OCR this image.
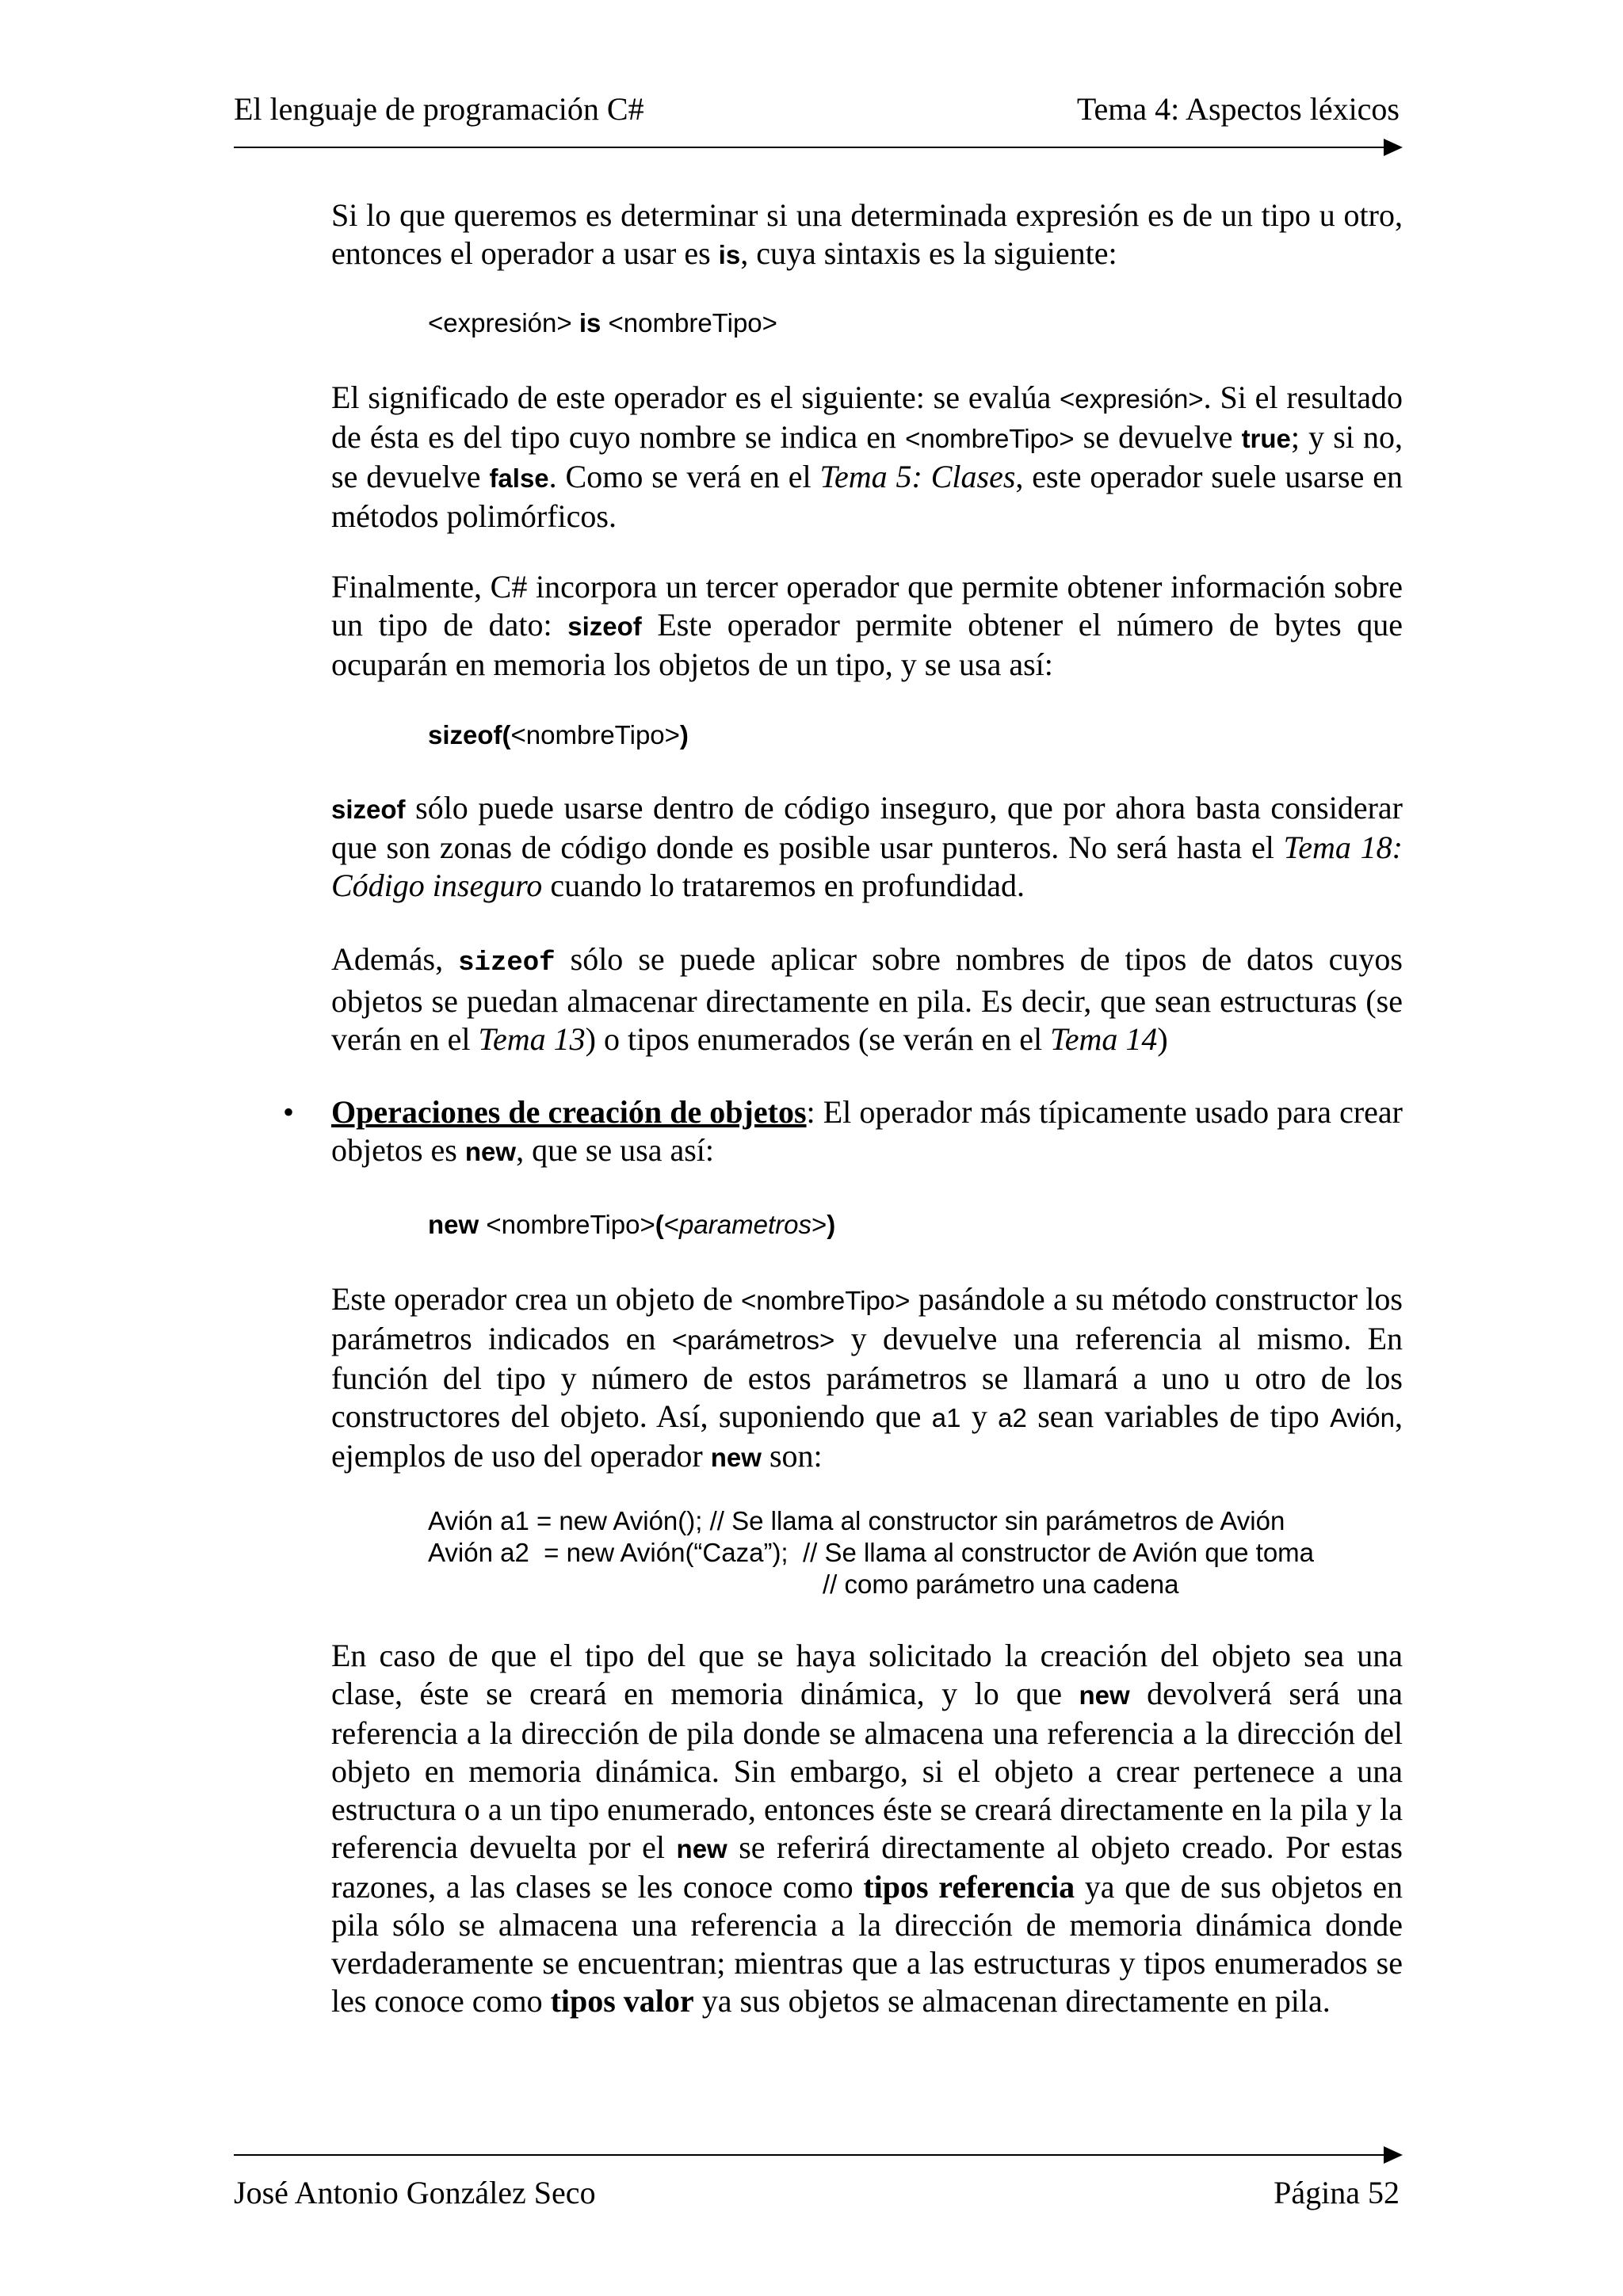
El lenguaje de programación C#	Tema 4: Aspectos léxicos

Si lo que queremos es determinar si una determinada expresión es de un tipo u otro, entonces el operador a usar es is, cuya sintaxis es la siguiente:

<expresión> is <nombreTipo>

El significado de este operador es el siguiente: se evalúa <expresión>. Si el resultado de ésta es del tipo cuyo nombre se indica en <nombreTipo> se devuelve true; y si no, se devuelve false. Como se verá en el Tema 5: Clases, este operador suele usarse en métodos polimórficos.

Finalmente, C# incorpora un tercer operador que permite obtener información sobre un tipo de dato: sizeof Este operador permite obtener el número de bytes que ocuparán en memoria los objetos de un tipo, y se usa así:

sizeof(<nombreTipo>)

sizeof sólo puede usarse dentro de código inseguro, que por ahora basta considerar que son zonas de código donde es posible usar punteros. No será hasta el Tema 18: Código inseguro cuando lo trataremos en profundidad.

Además, sizeof sólo se puede aplicar sobre nombres de tipos de datos cuyos objetos se puedan almacenar directamente en pila. Es decir, que sean estructuras (se verán en el Tema 13) o tipos enumerados (se verán en el Tema 14)

• Operaciones de creación de objetos: El operador más típicamente usado para crear objetos es new, que se usa así:

new <nombreTipo>(<parametros>)

Este operador crea un objeto de <nombreTipo> pasándole a su método constructor los parámetros indicados en <parámetros> y devuelve una referencia al mismo. En función del tipo y número de estos parámetros se llamará a uno u otro de los constructores del objeto. Así, suponiendo que a1 y a2 sean variables de tipo Avión, ejemplos de uso del operador new son:

Avión a1 = new Avión(); // Se llama al constructor sin parámetros de Avión
Avión a2  = new Avión(“Caza”);  // Se llama al constructor de Avión que toma
// como parámetro una cadena

En caso de que el tipo del que se haya solicitado la creación del objeto sea una clase, éste se creará en memoria dinámica, y lo que new devolverá será una referencia a la dirección de pila donde se almacena una referencia a la dirección del objeto en memoria dinámica. Sin embargo, si el objeto a crear pertenece a una estructura o a un tipo enumerado, entonces éste se creará directamente en la pila y la referencia devuelta por el new se referirá directamente al objeto creado. Por estas razones, a las clases se les conoce como tipos referencia ya que de sus objetos en pila sólo se almacena una referencia a la dirección de memoria dinámica donde verdaderamente se encuentran; mientras que a las estructuras y tipos enumerados se les conoce como tipos valor ya sus objetos se almacenan directamente en pila.

José Antonio González Seco	Página 52
